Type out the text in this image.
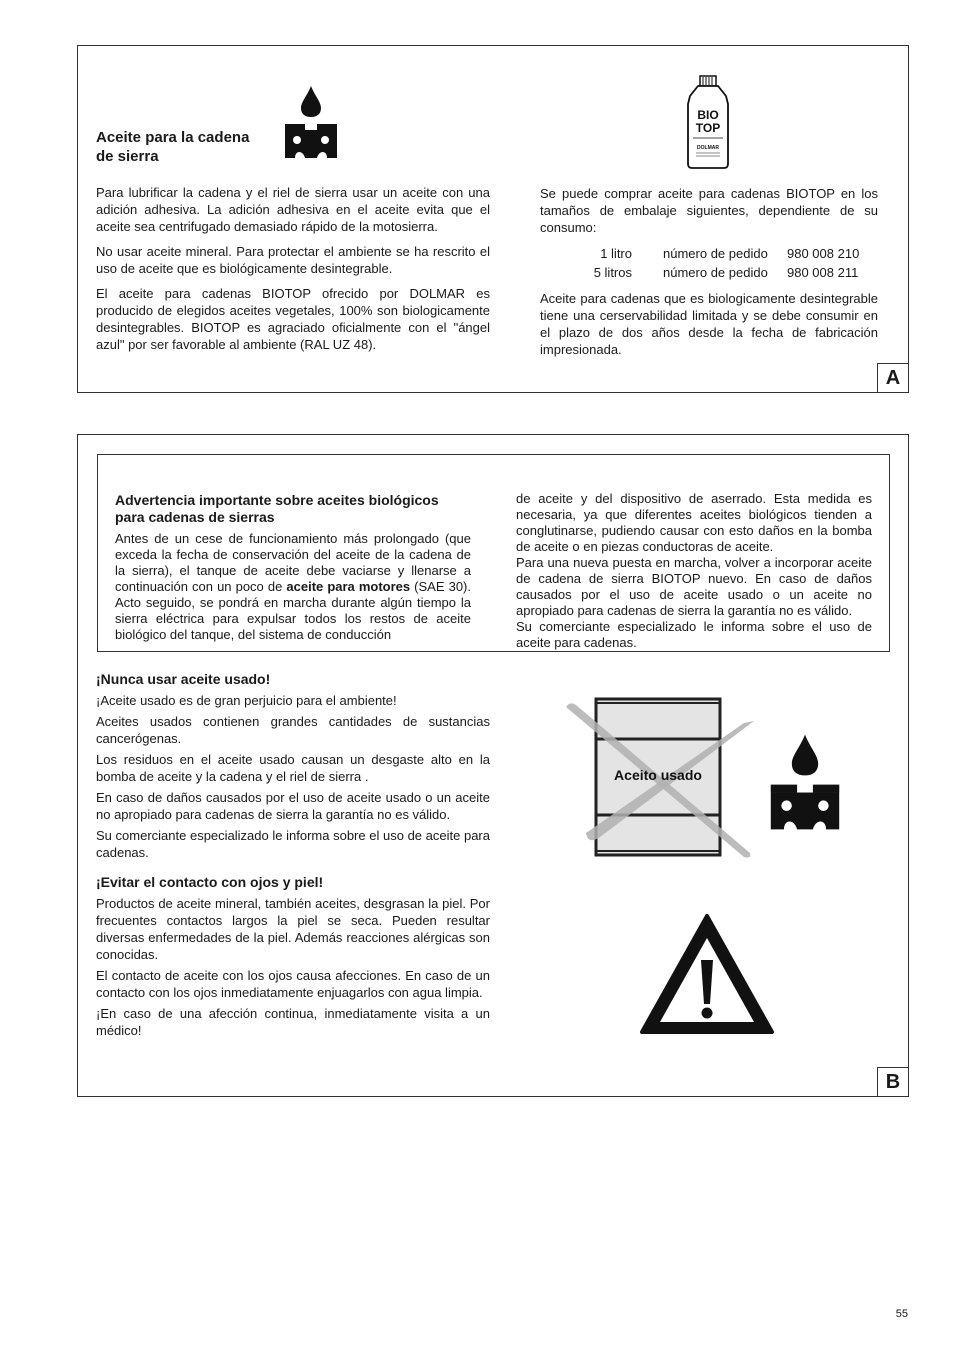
Aceite para la cadena de sierra

Para lubrificar la cadena y el riel de sierra usar un aceite con una adición adhesiva. La adición adhesiva en el aceite evita que el aceite sea centrifugado demasiado rápido de la motosierra.

No usar aceite mineral. Para protectar el ambiente se ha rescrito el uso de aceite que es biológicamente desintegrable.

El aceite para cadenas BIOTOP ofrecido por DOLMAR es producido de elegidos aceites vegetales, 100% son biologicamente desintegrables. BIOTOP es agraciado oficialmente con el "ángel azul" por ser favorable al ambiente (RAL UZ 48).

BIO
TOP
DOLMAR

Se puede comprar aceite para cadenas BIOTOP en los tamaños de embalaje siguientes, dependiente de su consumo:

1 litro	número de pedido	980 008 210
5 litros	número de pedido	980 008 211

Aceite para cadenas que es biologicamente desintegrable tiene una cerservabilidad limitada y se debe consumir en el plazo de dos años desde la fecha de fabricación impresionada.

A
Advertencia importante sobre aceites biológicos para cadenas de sierras

Antes de un cese de funcionamiento más prolongado (que exceda la fecha de conservación del aceite de la cadena de la sierra), el tanque de aceite debe vaciarse y llenarse a continuación con un poco de aceite para motores (SAE 30). Acto seguido, se pondrá en marcha durante algún tiempo la sierra eléctrica para expulsar todos los restos de aceite biológico del tanque, del sistema de conducción

de aceite y del dispositivo de aserrado. Esta medida es necesaria, ya que diferentes aceites biológicos tienden a conglutinarse, pudiendo causar con esto daños en la bomba de aceite o en piezas conductoras de aceite.

Para una nueva puesta en marcha, volver a incorporar aceite de cadena de sierra BIOTOP nuevo. En caso de daños causados por el uso de aceite usado o un aceite no apropiado para cadenas de sierra la garantía no es válido.

Su comerciante especializado le informa sobre el uso de aceite para cadenas.

¡Nunca usar aceite usado!

¡Aceite usado es de gran perjuicio para el ambiente!

Aceites usados contienen grandes cantidades de sustancias cancerógenas.

Los residuos en el aceite usado causan un desgaste alto en la bomba de aceite y la cadena y el riel de sierra .

En caso de daños causados por el uso de aceite usado o un aceite no apropiado para cadenas de sierra la garantía no es válido.

Su comerciante especializado le informa sobre el uso de aceite para cadenas.

¡Evitar el contacto con ojos y piel!

Productos de aceite mineral, también aceites, desgrasan la piel. Por frecuentes contactos largos la piel se seca. Pueden resultar diversas enfermedades de la piel. Además reacciones alérgicas son conocidas.

El contacto de aceite con los ojos causa afecciones. En caso de un contacto con los ojos inmediatamente enjuagarlos con agua limpia.

¡En caso de una afección continua, inmediatamente visita a un médico!

Aceito usado
B
55
